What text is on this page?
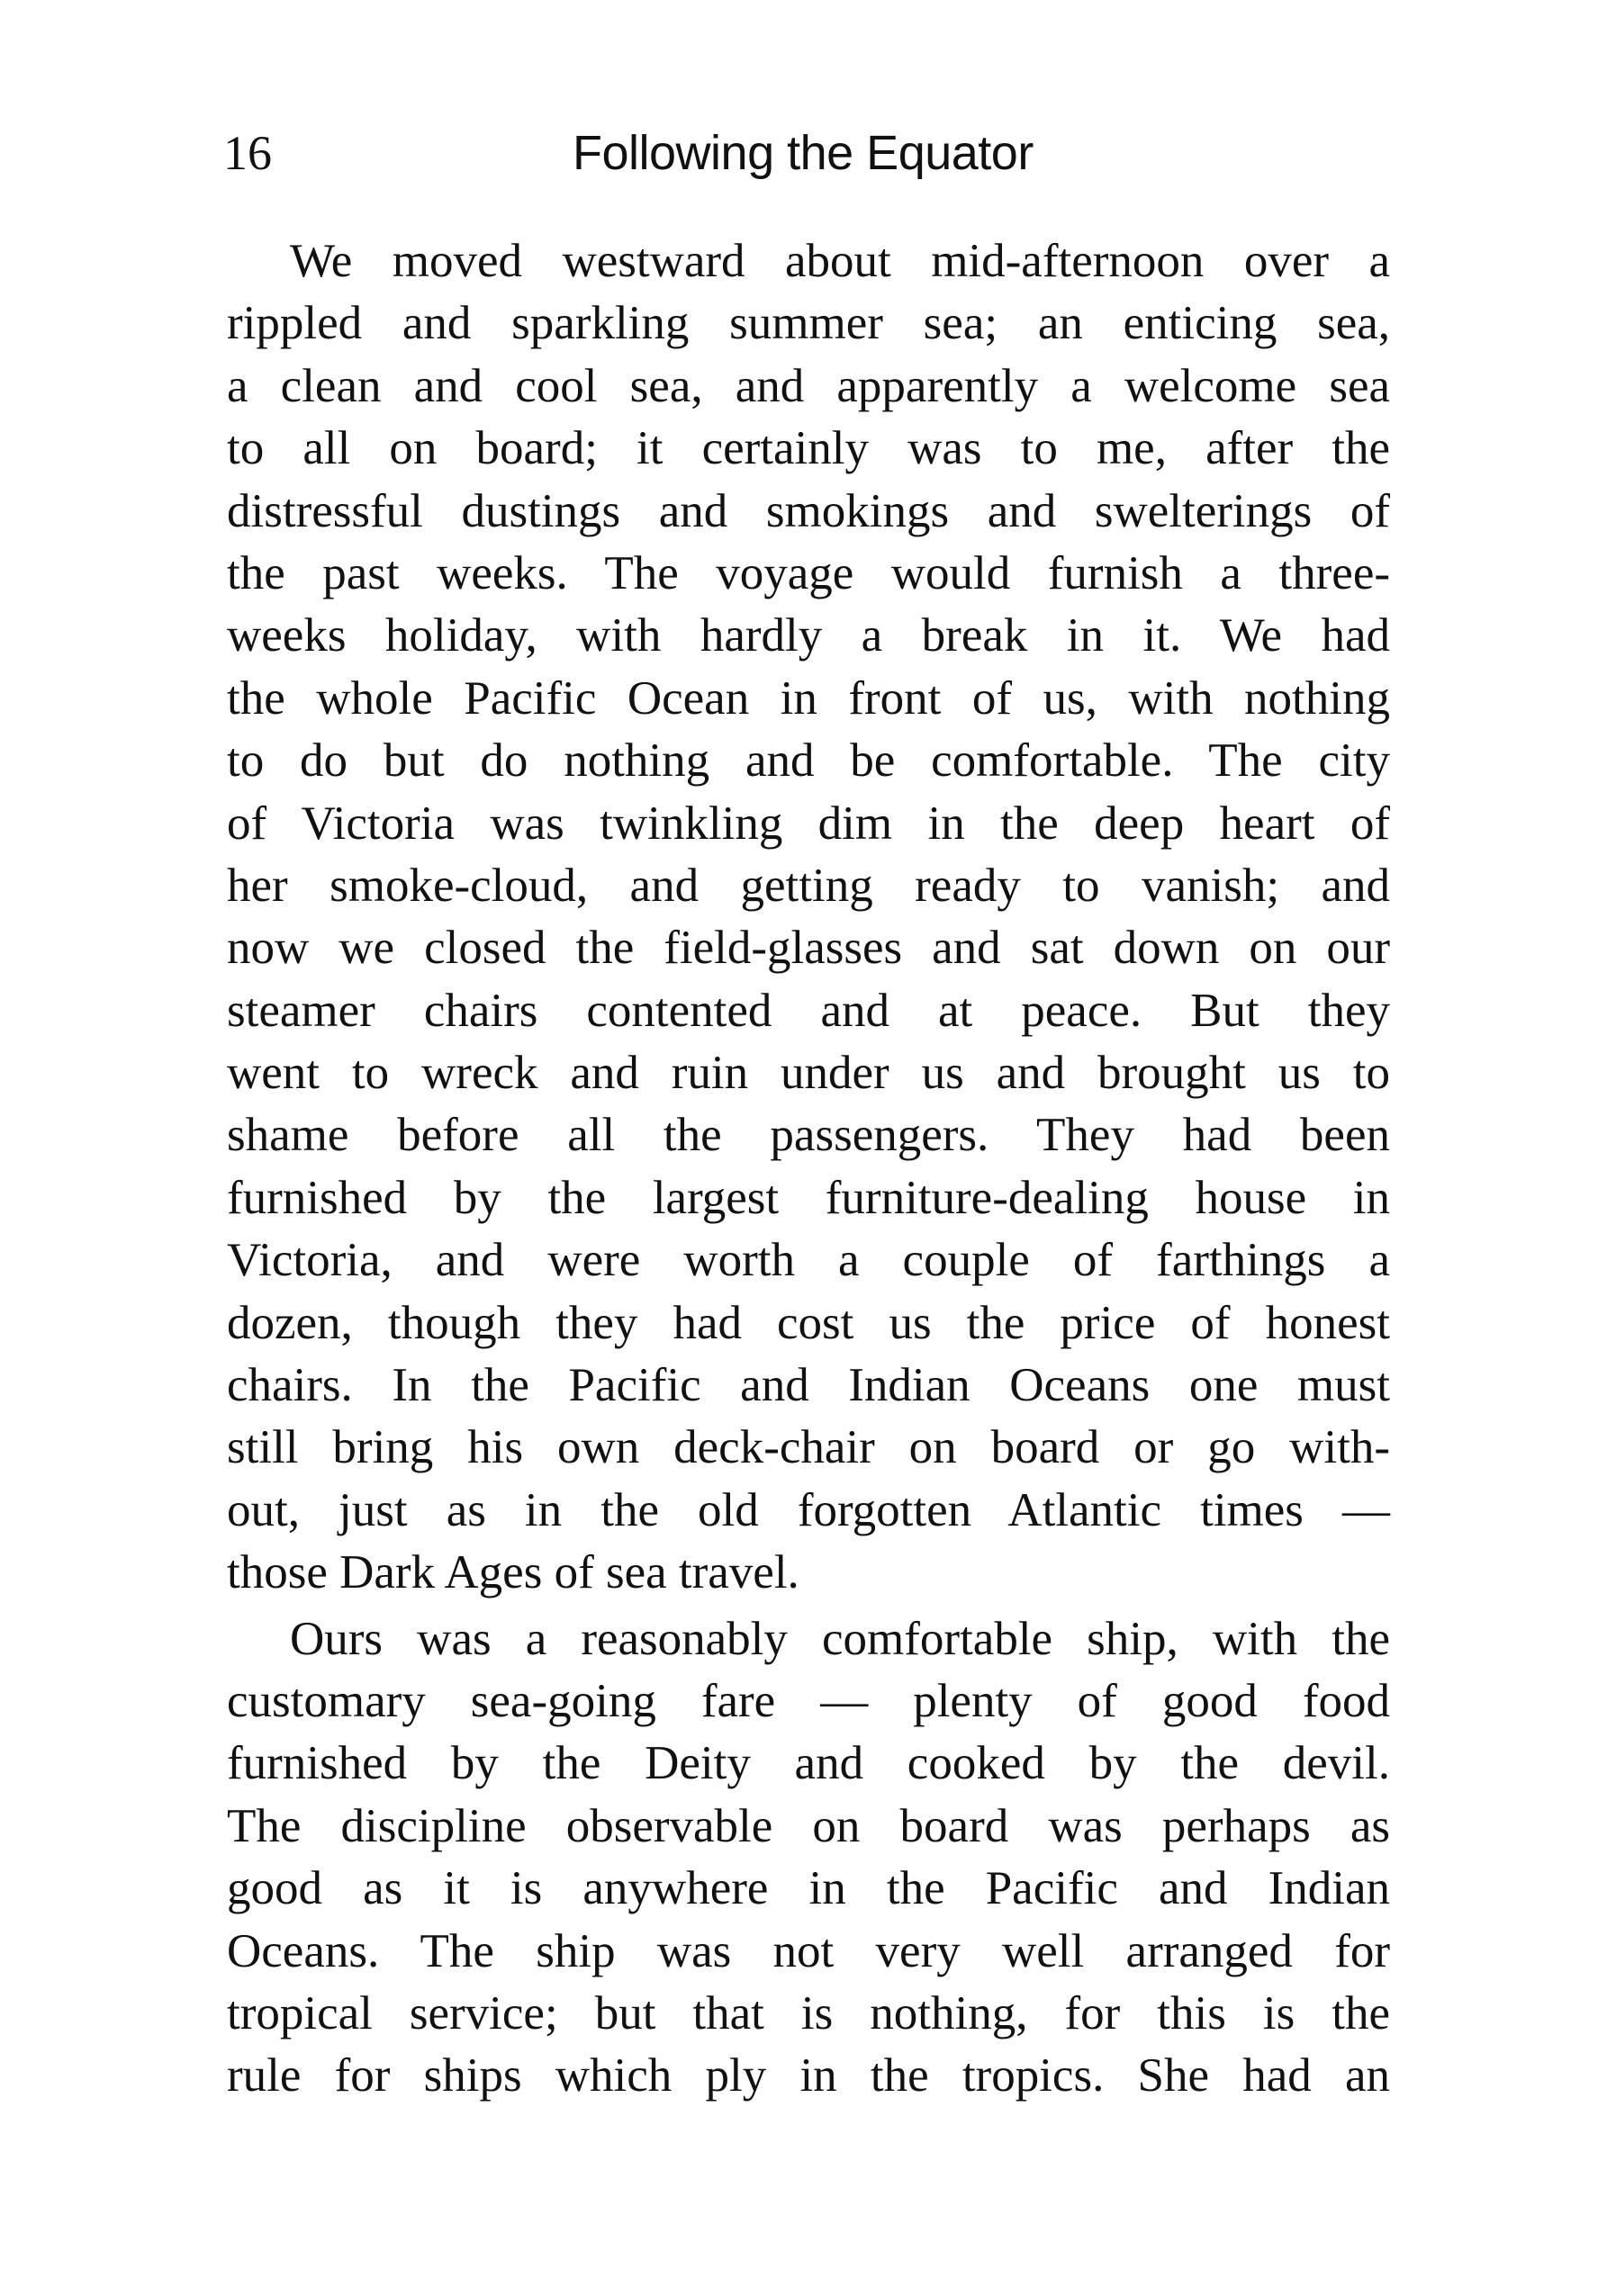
16	Following the Equator
We moved westward about mid-afternoon over a
rippled and sparkling summer sea; an enticing sea,
a clean and cool sea, and apparently a welcome sea
to all on board; it certainly was to me, after the
distressful dustings and smokings and swelterings of
the past weeks. The voyage would furnish a three-
weeks holiday, with hardly a break in it. We had
the whole Pacific Ocean in front of us, with nothing
to do but do nothing and be comfortable. The city
of Victoria was twinkling dim in the deep heart of
her smoke-cloud, and getting ready to vanish; and
now we closed the field-glasses and sat down on our
steamer chairs contented and at peace. But they
went to wreck and ruin under us and brought us to
shame before all the passengers. They had been
furnished by the largest furniture-dealing house in
Victoria, and were worth a couple of farthings a
dozen, though they had cost us the price of honest
chairs. In the Pacific and Indian Oceans one must
still bring his own deck-chair on board or go with-
out, just as in the old forgotten Atlantic times —
those Dark Ages of sea travel.
Ours was a reasonably comfortable ship, with the
customary sea-going fare — plenty of good food
furnished by the Deity and cooked by the devil.
The discipline observable on board was perhaps as
good as it is anywhere in the Pacific and Indian
Oceans. The ship was not very well arranged for
tropical service; but that is nothing, for this is the
rule for ships which ply in the tropics. She had an
